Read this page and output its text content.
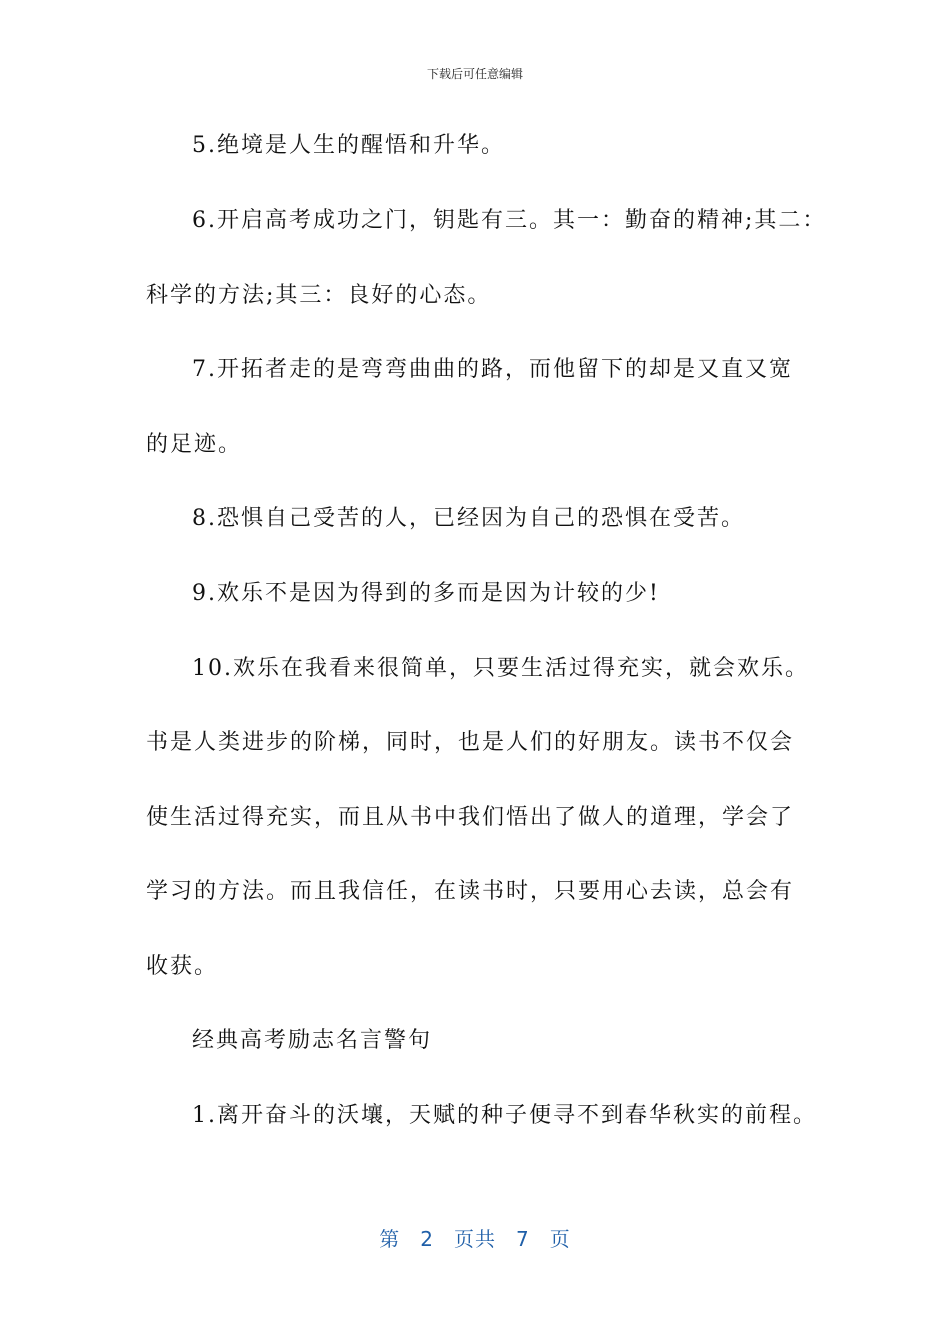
下载后可任意编辑
5.绝境是人生的醒悟和升华。
6.开启高考成功之门，钥匙有三。其一：勤奋的精神;其二：
科学的方法;其三：良好的心态。
7.开拓者走的是弯弯曲曲的路，而他留下的却是又直又宽
的足迹。
8.恐惧自己受苦的人，已经因为自己的恐惧在受苦。
9.欢乐不是因为得到的多而是因为计较的少!
10.欢乐在我看来很简单，只要生活过得充实，就会欢乐。
书是人类进步的阶梯，同时，也是人们的好朋友。读书不仅会
使生活过得充实，而且从书中我们悟出了做人的道理，学会了
学习的方法。而且我信任，在读书时，只要用心去读，总会有
收获。
经典高考励志名言警句
1.离开奋斗的沃壤，天赋的种子便寻不到春华秋实的前程。
第 2 页共 7 页
